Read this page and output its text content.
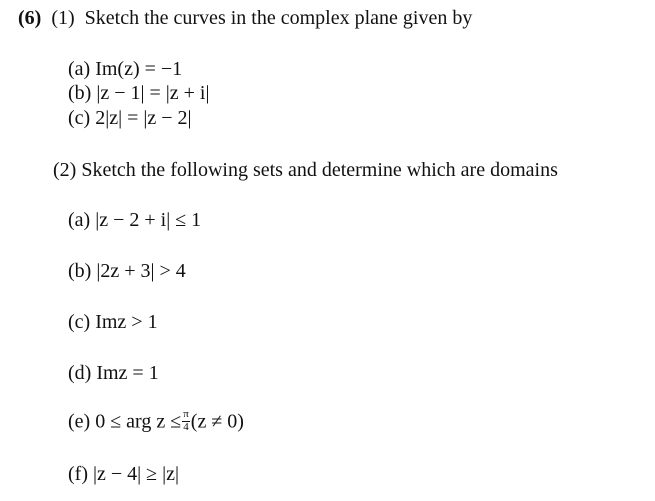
(6) (1) Sketch the curves in the complex plane given by
(a) Im(z) = −1
(b) |z − 1| = |z + i|
(c) 2|z| = |z − 2|
(2) Sketch the following sets and determine which are domains
(a) |z − 2 + i| ≤ 1
(b) |2z + 3| > 4
(c) Imz > 1
(d) Imz = 1
(e) 0 ≤ arg $z \le \frac{\pi}{4} (z \ne 0)$
(f) |z − 4| ≥ |z|
